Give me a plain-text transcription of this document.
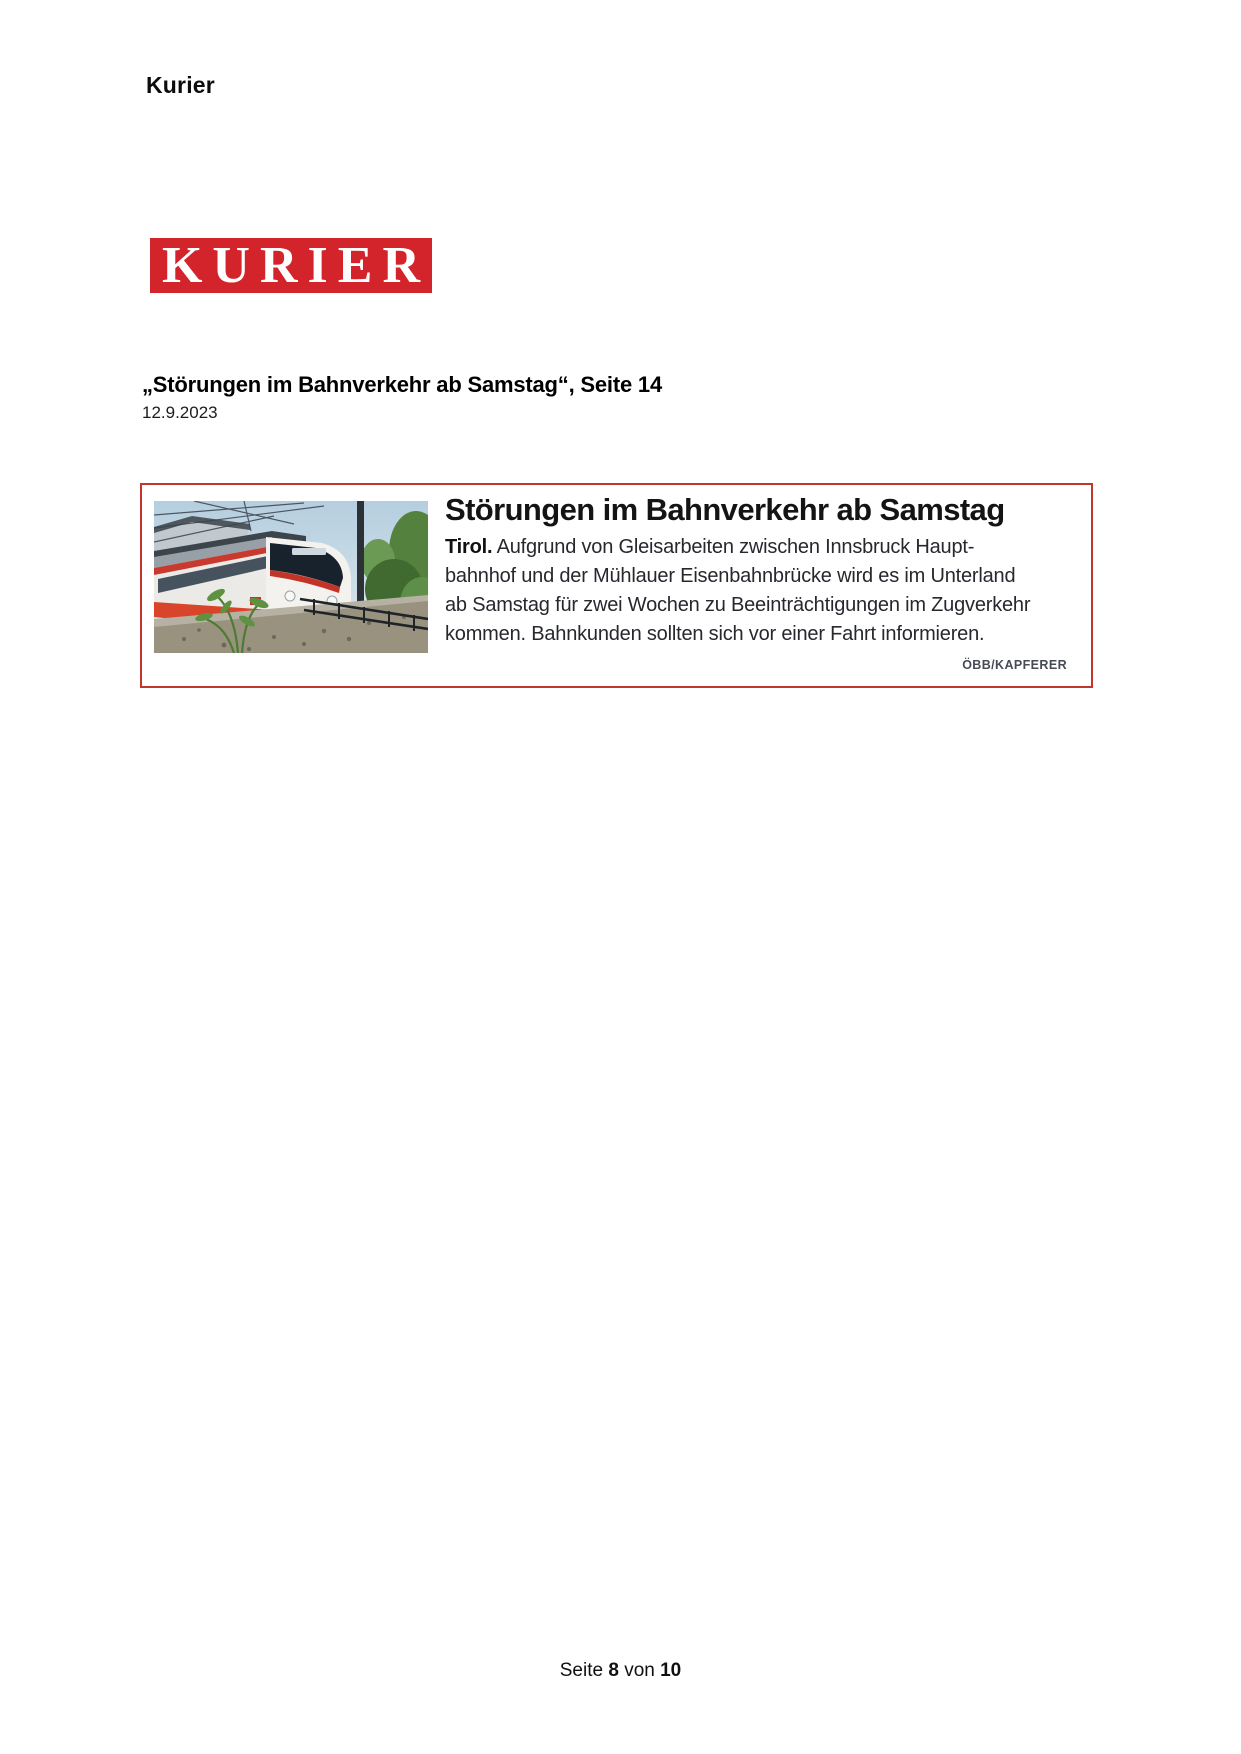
Kurier
KURIER
„Störungen im Bahnverkehr ab Samstag“, Seite 14
12.9.2023
Störungen im Bahnverkehr ab Samstag

Tirol. Aufgrund von Gleisarbeiten zwischen Innsbruck Haupt-
bahnhof und der Mühlauer Eisenbahnbrücke wird es im Unterland
ab Samstag für zwei Wochen zu Beeinträchtigungen im Zugverkehr
kommen. Bahnkunden sollten sich vor einer Fahrt informieren.

ÖBB/KAPFERER
Seite 8 von 10
